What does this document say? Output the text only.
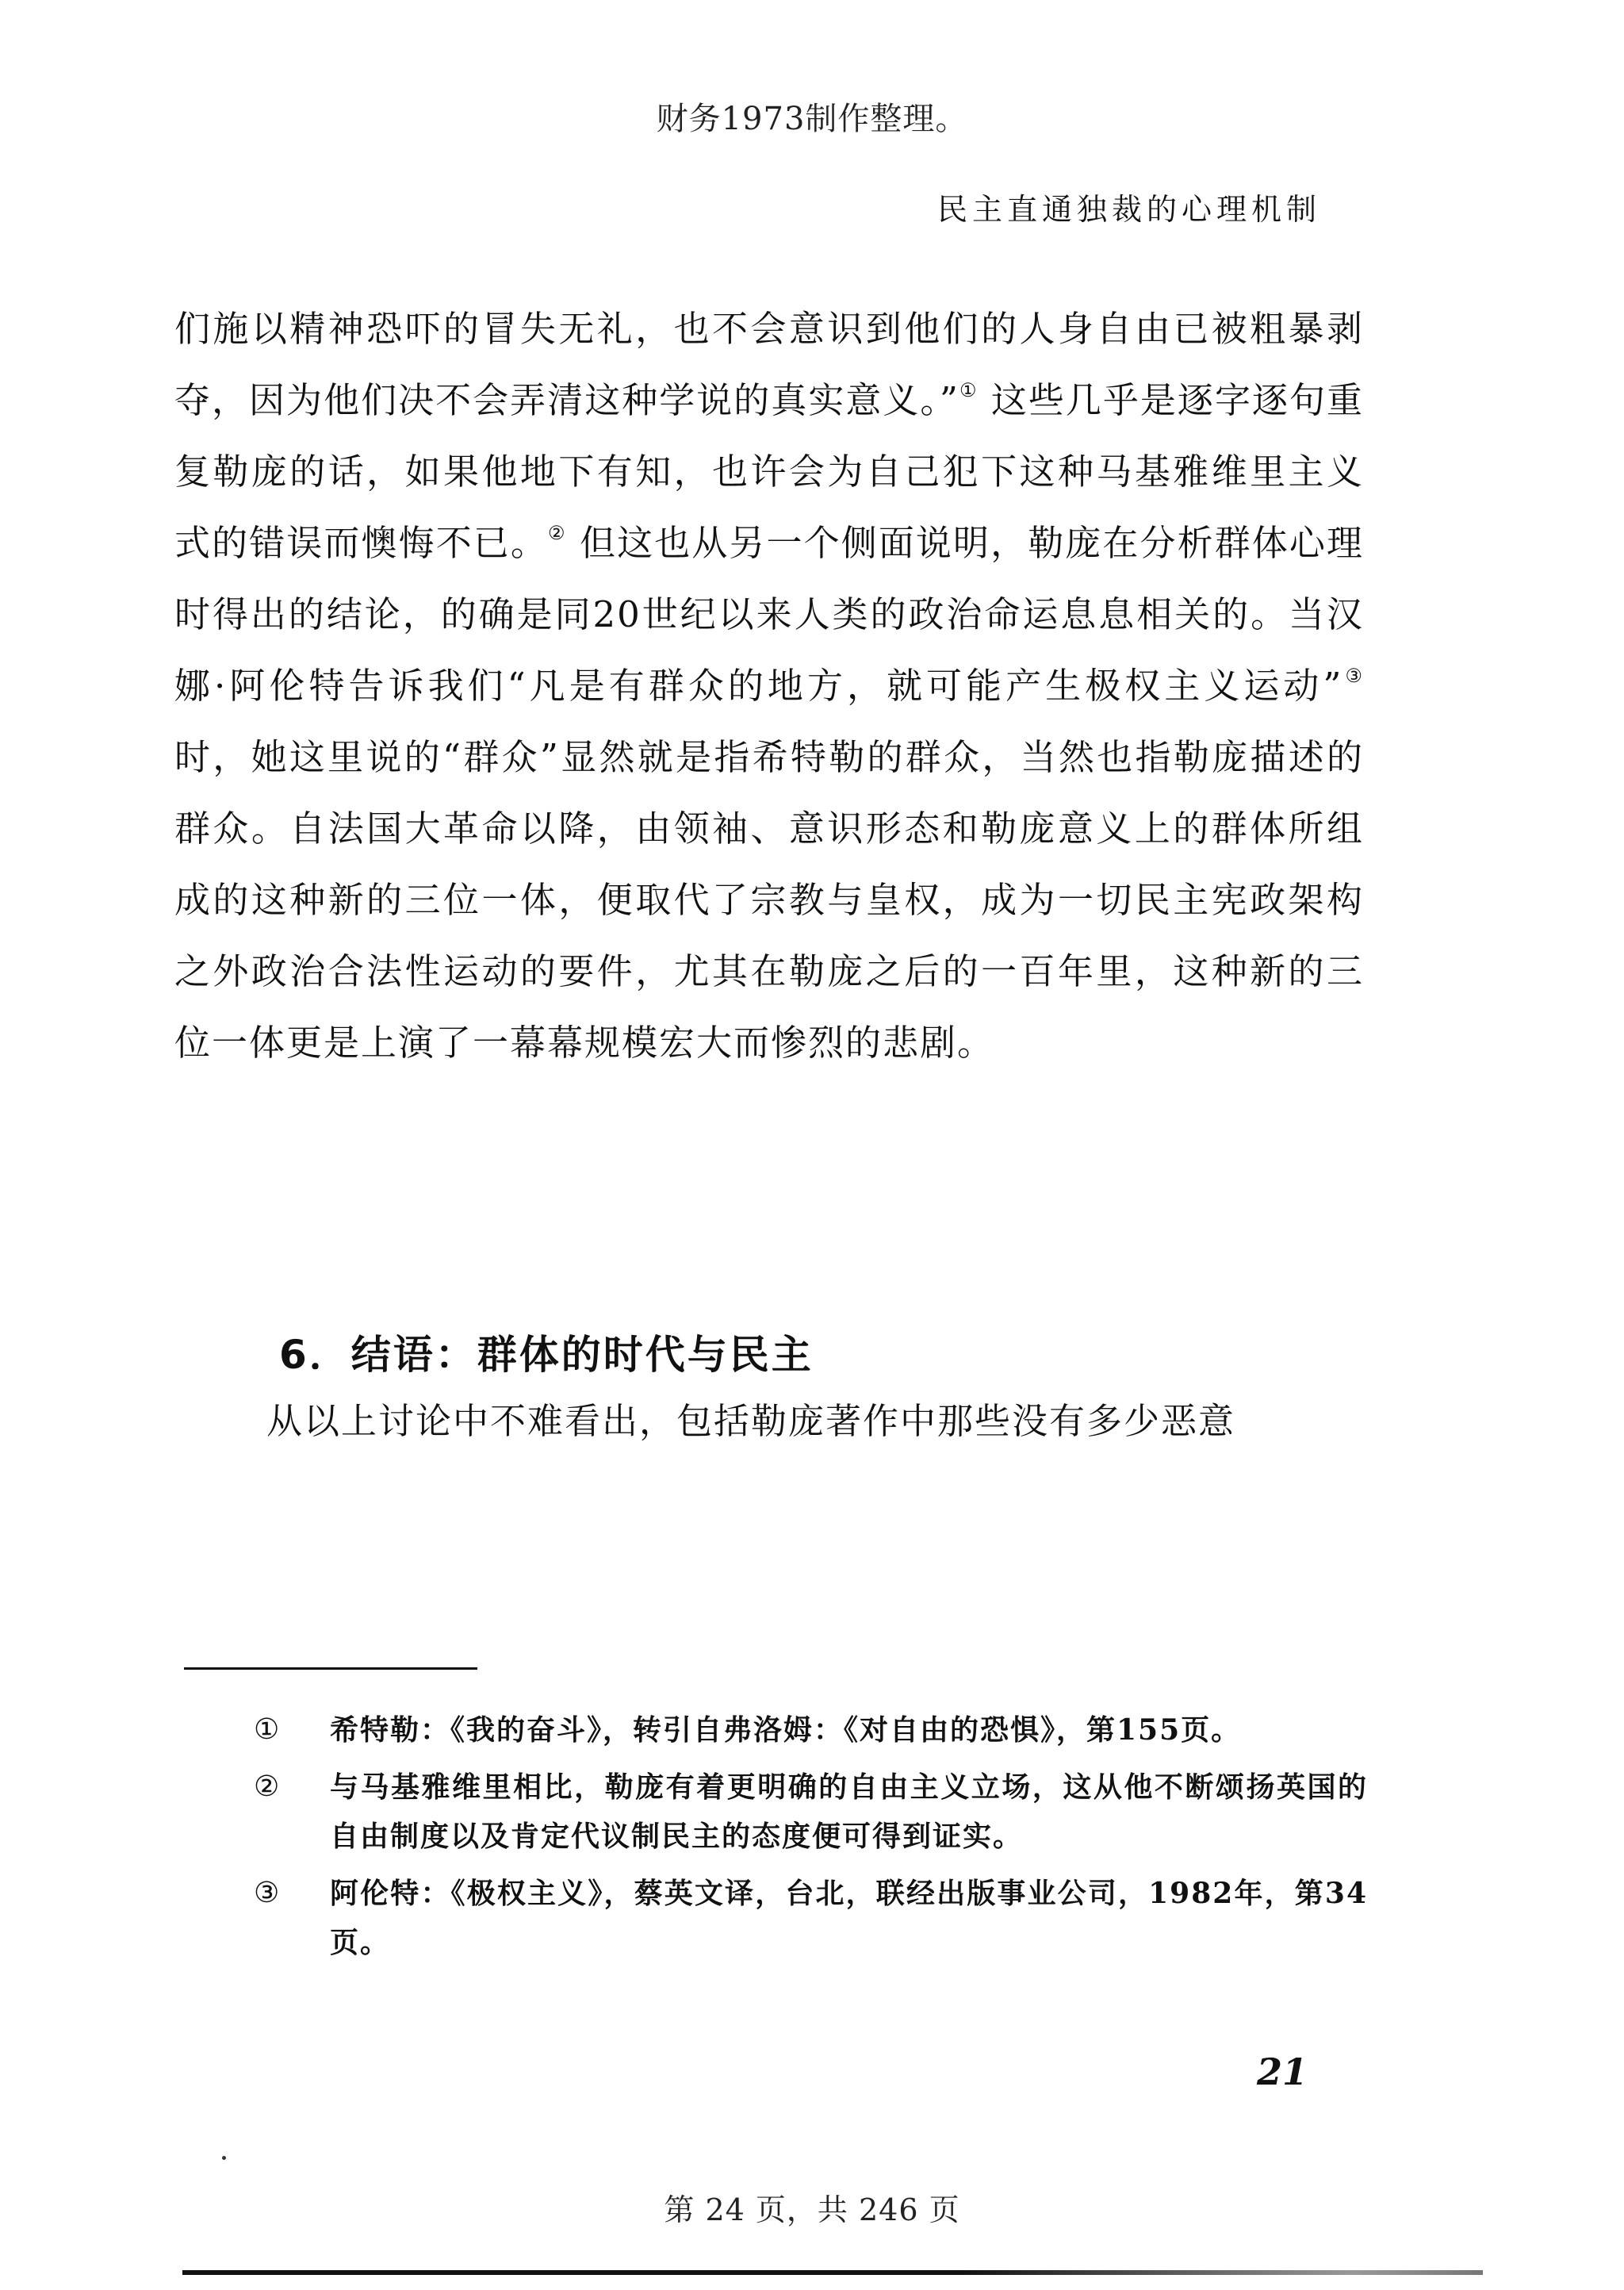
财务1973制作整理。
民主直通独裁的心理机制
们施以精神恐吓的冒失无礼，也不会意识到他们的人身自由已被粗暴剥夺，因为他们决不会弄清这种学说的真实意义。”① 这些几乎是逐字逐句重复勒庞的话，如果他地下有知，也许会为自己犯下这种马基雅维里主义式的错误而懊悔不已。② 但这也从另一个侧面说明，勒庞在分析群体心理时得出的结论，的确是同20世纪以来人类的政治命运息息相关的。当汉娜·阿伦特告诉我们“凡是有群众的地方，就可能产生极权主义运动”③ 时，她这里说的“群众”显然就是指希特勒的群众，当然也指勒庞描述的群众。自法国大革命以降，由领袖、意识形态和勒庞意义上的群体所组成的这种新的三位一体，便取代了宗教与皇权，成为一切民主宪政架构之外政治合法性运动的要件，尤其在勒庞之后的一百年里，这种新的三位一体更是上演了一幕幕规模宏大而惨烈的悲剧。
6．结语：群体的时代与民主
从以上讨论中不难看出，包括勒庞著作中那些没有多少恶意
① 希特勒：《我的奋斗》，转引自弗洛姆：《对自由的恐惧》，第155页。
② 与马基雅维里相比，勒庞有着更明确的自由主义立场，这从他不断颂扬英国的自由制度以及肯定代议制民主的态度便可得到证实。
③ 阿伦特：《极权主义》，蔡英文译，台北，联经出版事业公司，1982年，第34页。
21
第 24 页，共 246 页
